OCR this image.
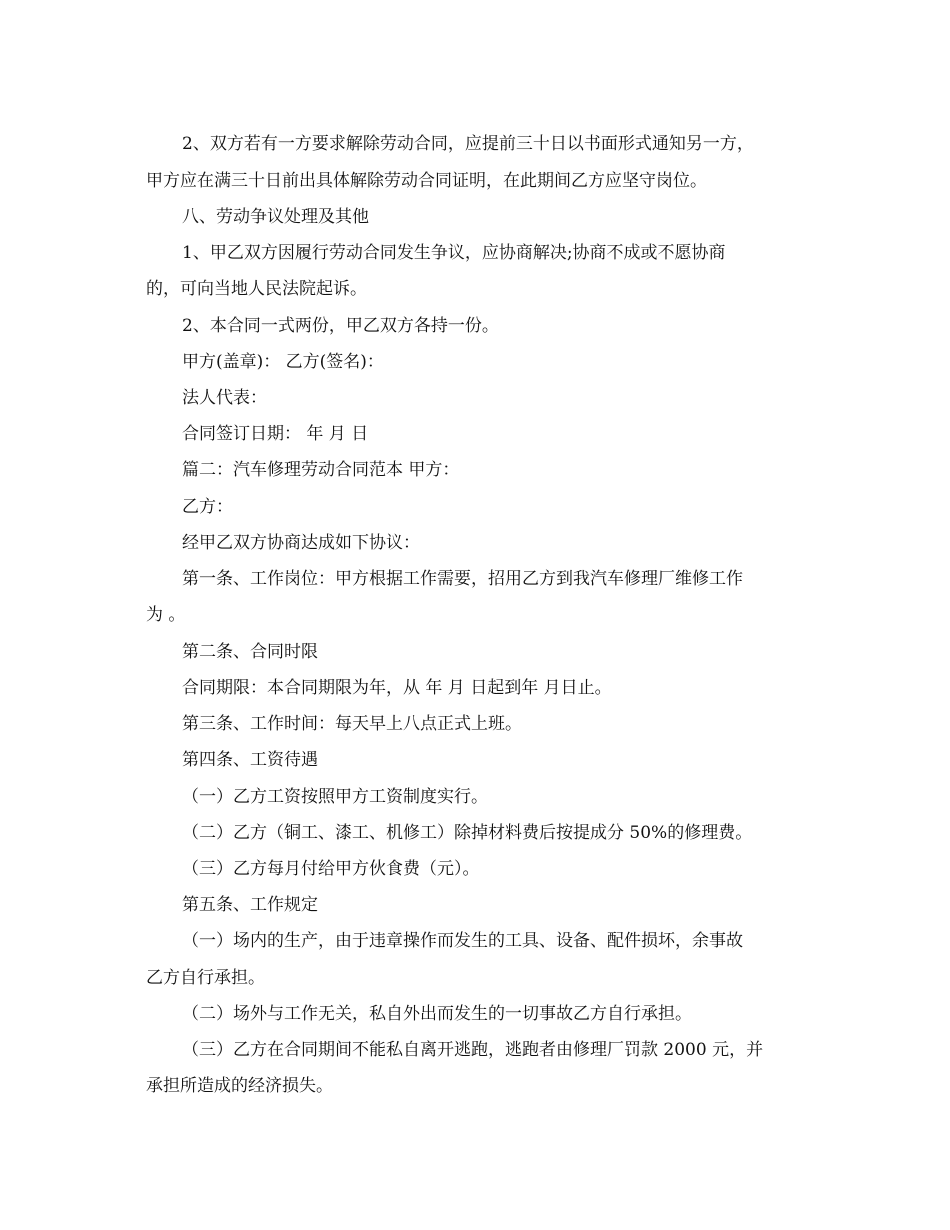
2、双方若有一方要求解除劳动合同，应提前三十日以书面形式通知另一方，
甲方应在满三十日前出具体解除劳动合同证明，在此期间乙方应坚守岗位。
八、劳动争议处理及其他
1、甲乙双方因履行劳动合同发生争议，应协商解决;协商不成或不愿协商
的，可向当地人民法院起诉。
2、本合同一式两份，甲乙双方各持一份。
甲方(盖章)： 乙方(签名)：
法人代表：
合同签订日期： 年 月 日
篇二：汽车修理劳动合同范本 甲方：
乙方：
经甲乙双方协商达成如下协议：
第一条、工作岗位：甲方根据工作需要，招用乙方到我汽车修理厂维修工作
为 。
第二条、合同时限
合同期限：本合同期限为年，从 年 月 日起到年 月日止。
第三条、工作时间：每天早上八点正式上班。
第四条、工资待遇
（一）乙方工资按照甲方工资制度实行。
（二）乙方（铜工、漆工、机修工）除掉材料费后按提成分 50%的修理费。
（三）乙方每月付给甲方伙食费（元）。
第五条、工作规定
（一）场内的生产，由于违章操作而发生的工具、设备、配件损坏，余事故
乙方自行承担。
（二）场外与工作无关，私自外出而发生的一切事故乙方自行承担。
（三）乙方在合同期间不能私自离开逃跑，逃跑者由修理厂罚款 2000 元，并
承担所造成的经济损失。
